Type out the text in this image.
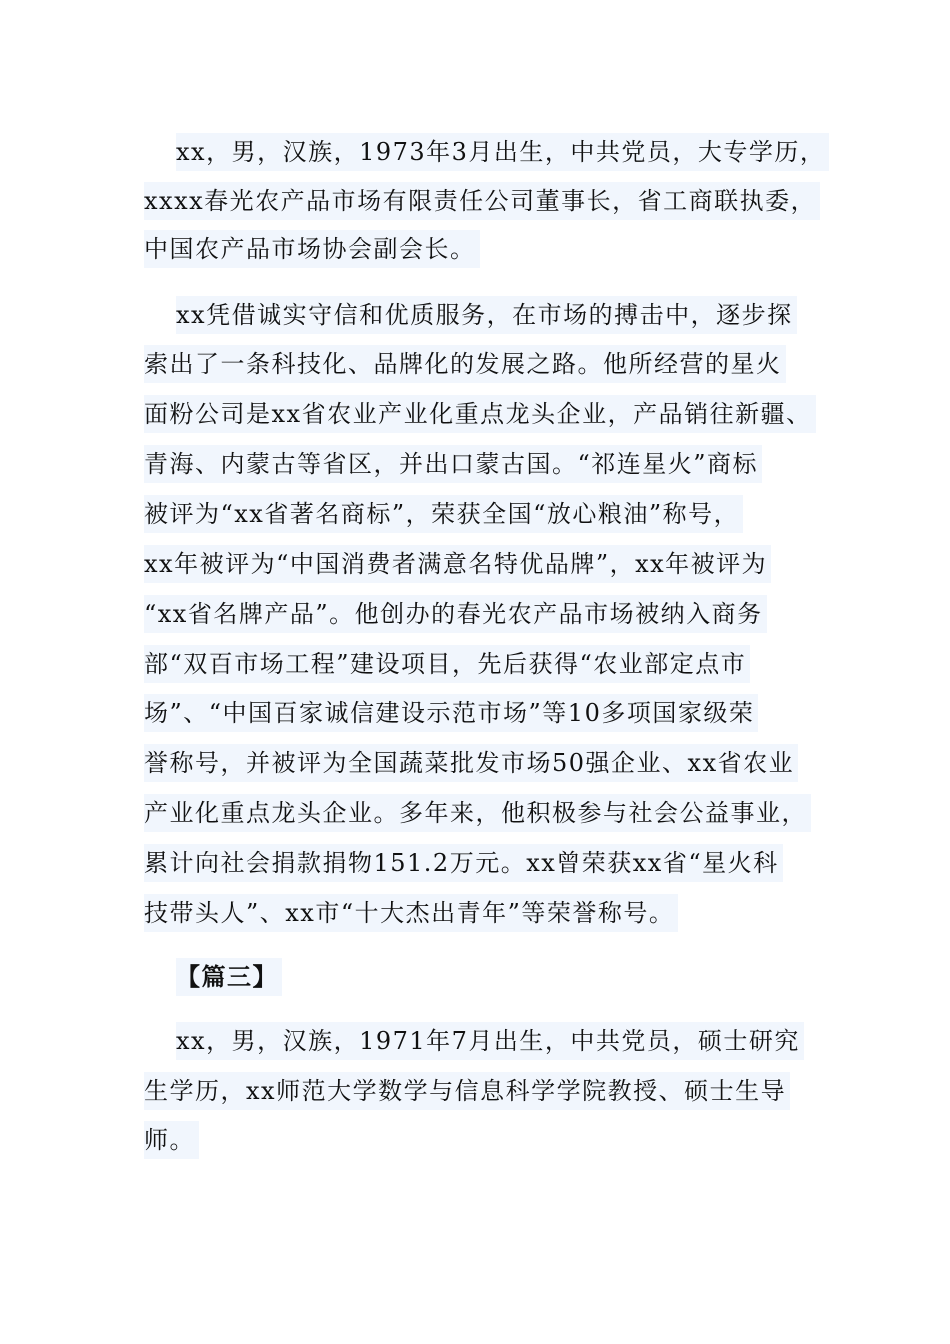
xx，男，汉族，1973年3月出生，中共党员，大专学历，
xxxx春光农产品市场有限责任公司董事长，省工商联执委，
中国农产品市场协会副会长。
xx凭借诚实守信和优质服务，在市场的搏击中，逐步探
索出了一条科技化、品牌化的发展之路。他所经营的星火
面粉公司是xx省农业产业化重点龙头企业，产品销往新疆、
青海、内蒙古等省区，并出口蒙古国。“祁连星火”商标
被评为“xx省著名商标”，荣获全国“放心粮油”称号，
xx年被评为“中国消费者满意名特优品牌”，xx年被评为
“xx省名牌产品”。他创办的春光农产品市场被纳入商务
部“双百市场工程”建设项目，先后获得“农业部定点市
场”、“中国百家诚信建设示范市场”等10多项国家级荣
誉称号，并被评为全国蔬菜批发市场50强企业、xx省农业
产业化重点龙头企业。多年来，他积极参与社会公益事业，
累计向社会捐款捐物151.2万元。xx曾荣获xx省“星火科
技带头人”、xx市“十大杰出青年”等荣誉称号。
【篇三】
xx，男，汉族，1971年7月出生，中共党员，硕士研究
生学历，xx师范大学数学与信息科学学院教授、硕士生导
师。
